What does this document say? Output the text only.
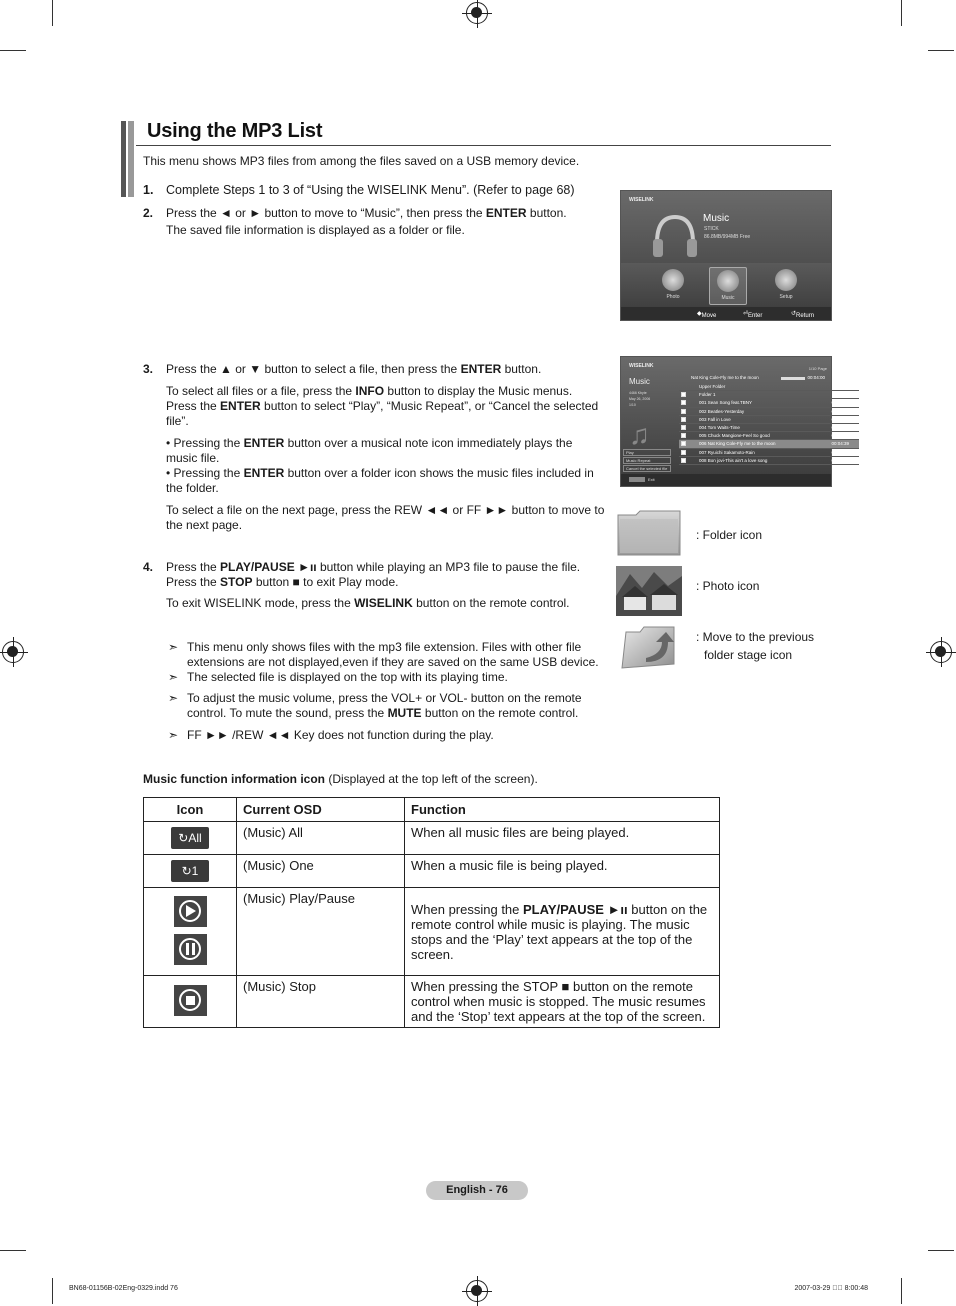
Using the MP3 List
This menu shows MP3 files from among the files saved on a USB memory device.
1. Complete Steps 1 to 3 of “Using the WISELINK Menu”. (Refer to page 68)
2. Press the ◄ or ► button to move to “Music”, then press the ENTER button.

The saved file information is displayed as a folder or file.

WISELINK
Music
STICK
86.8MB/994MB Free
Photo	Music	Setup
◆ Move	⏎ Enter	↺ Return
3. Press the ▲ or ▼ button to select a file, then press the ENTER button.

To select all files or a file, press the INFO button to display the Music menus. Press the ENTER button to select “Play”, “Music Repeat”, or “Cancel the selected file”.

• Pressing the ENTER button over a musical note icon immediately plays the music file.

• Pressing the ENTER button over a folder icon shows the music files included in the folder.

To select a file on the next page, press the REW ◄◄ or FF ►► button to move to the next page.

WISELINK	1/10 Page
Nat King Cole-Fly me to the moon	00:04:00
Music
4466 Kbyte
May 26, 2006
1/10
♫
Upper Folder
Folder 1
001 Sean Song feat.TBNY	00:04:01
002 Beatles-Yesterday	00:04:20
003 Fall in Love	00:04:12
004 Tom Waits-Time	00:03:30
005 Chuck Mangione-Feel So good	00:04:38
006 Nat King Cole-Fly me to the moon	00:04:39
007 Ryuichi Sakamoto-Rain	00:03:54
008 Bon jovi-This ain't a love song	00:03:25
Play
Music Repeat
Cancel the selected file
Exit
: Folder icon
: Photo icon
: Move to the previous
folder stage icon
4. Press the PLAY/PAUSE ►ıı button while playing an MP3 file to pause the file. Press the STOP button ■ to exit Play mode.

To exit WISELINK mode, press the WISELINK button on the remote control.

➣ This menu only shows files with the mp3 file extension. Files with other file extensions are not displayed,even if they are saved on the same USB device.
➣ The selected file is displayed on the top with its playing time.
➣ To adjust the music volume, press the VOL+ or VOL- button on the remote control. To mute the sound, press the MUTE button on the remote control.
➣ FF ►► /REW ◄◄ Key does not function during the play.
Music function information icon (Displayed at the top left of the screen).
Icon	Current OSD	Function
↻All	(Music) All	When all music files are being played.
↻1	(Music) One	When a music file is being played.

	(Music) Play/Pause	When pressing the PLAY/PAUSE ►ıı button on the remote control while music is playing. The music stops and the ‘Play’ text appears at the top of the screen.

	(Music) Stop	When pressing the STOP ■ button on the remote control when music is stopped. The music resumes and the ‘Stop’ text appears at the top of the screen.
English - 76
BN68-01156B-02Eng-0329.indd 76	2007-03-29 ￿￿ 8:00:48
